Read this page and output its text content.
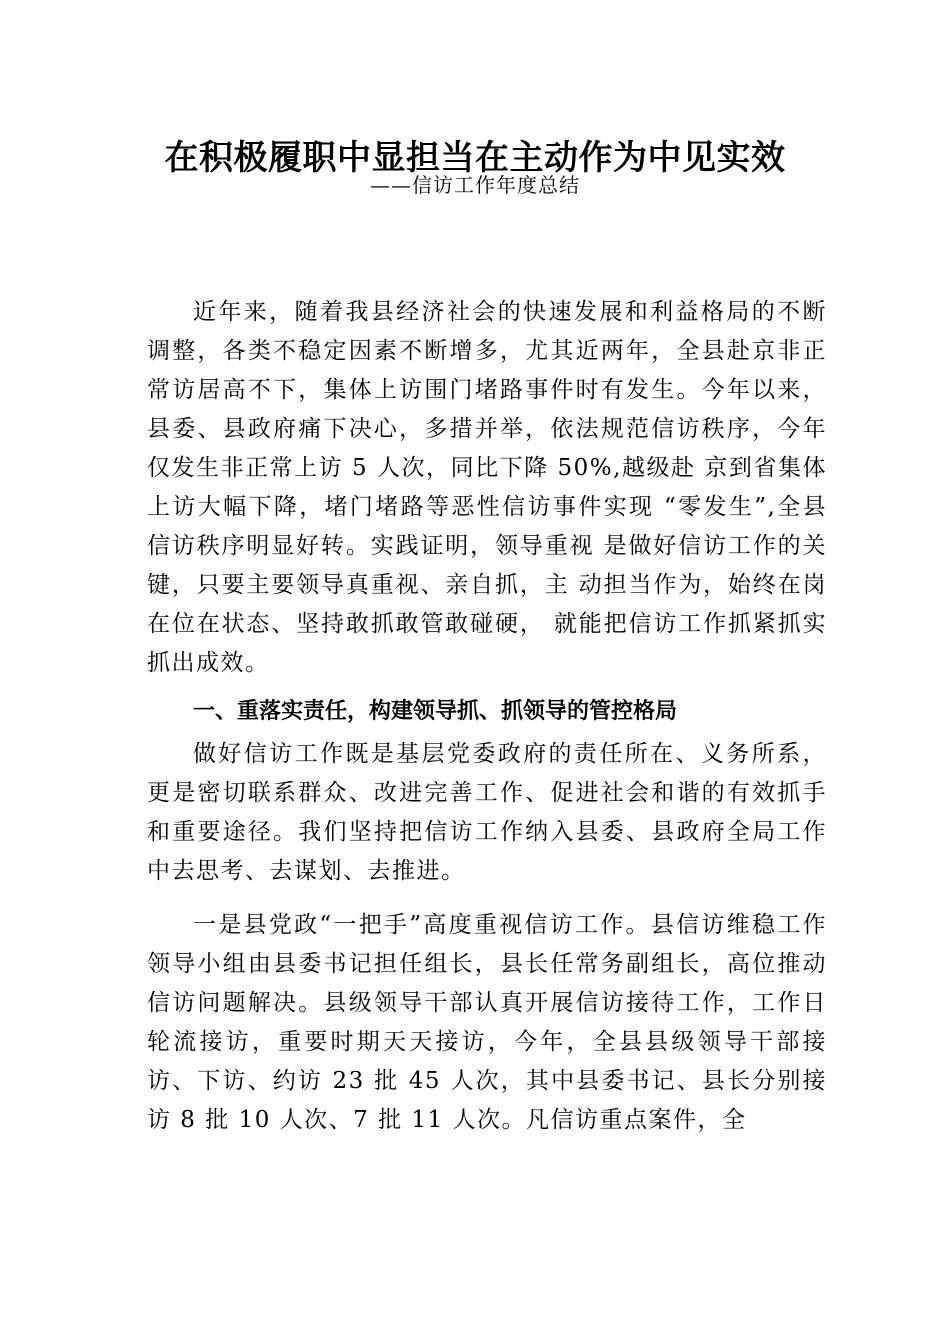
在积极履职中显担当在主动作为中见实效
——信访工作年度总结

近年来，随着我县经济社会的快速发展和利益格局的不断调整，各类不稳定因素不断增多，尤其近两年，全县赴京非正常访居高不下，集体上访围门堵路事件时有发生。今年以来，县委、县政府痛下决心，多措并举，依法规范信访秩序，今年仅发生非正常上访 5 人次，同比下降 50%,越级赴 京到省集体上访大幅下降，堵门堵路等恶性信访事件实现 “零发生”,全县信访秩序明显好转。实践证明，领导重视 是做好信访工作的关键，只要主要领导真重视、亲自抓，主 动担当作为，始终在岗在位在状态、坚持敢抓敢管敢碰硬， 就能把信访工作抓紧抓实抓出成效。

一、重落实责任，构建领导抓、抓领导的管控格局

做好信访工作既是基层党委政府的责任所在、义务所系，更是密切联系群众、改进完善工作、促进社会和谐的有效抓手和重要途径。我们坚持把信访工作纳入县委、县政府全局工作中去思考、去谋划、去推进。

一是县党政“一把手”高度重视信访工作。县信访维稳工作领导小组由县委书记担任组长，县长任常务副组长，高位推动信访问题解决。县级领导干部认真开展信访接待工作，工作日轮流接访，重要时期天天接访，今年，全县县级领导干部接访、下访、约访 23 批 45 人次，其中县委书记、县长分别接访 8 批 10 人次、7 批 11 人次。凡信访重点案件，全
